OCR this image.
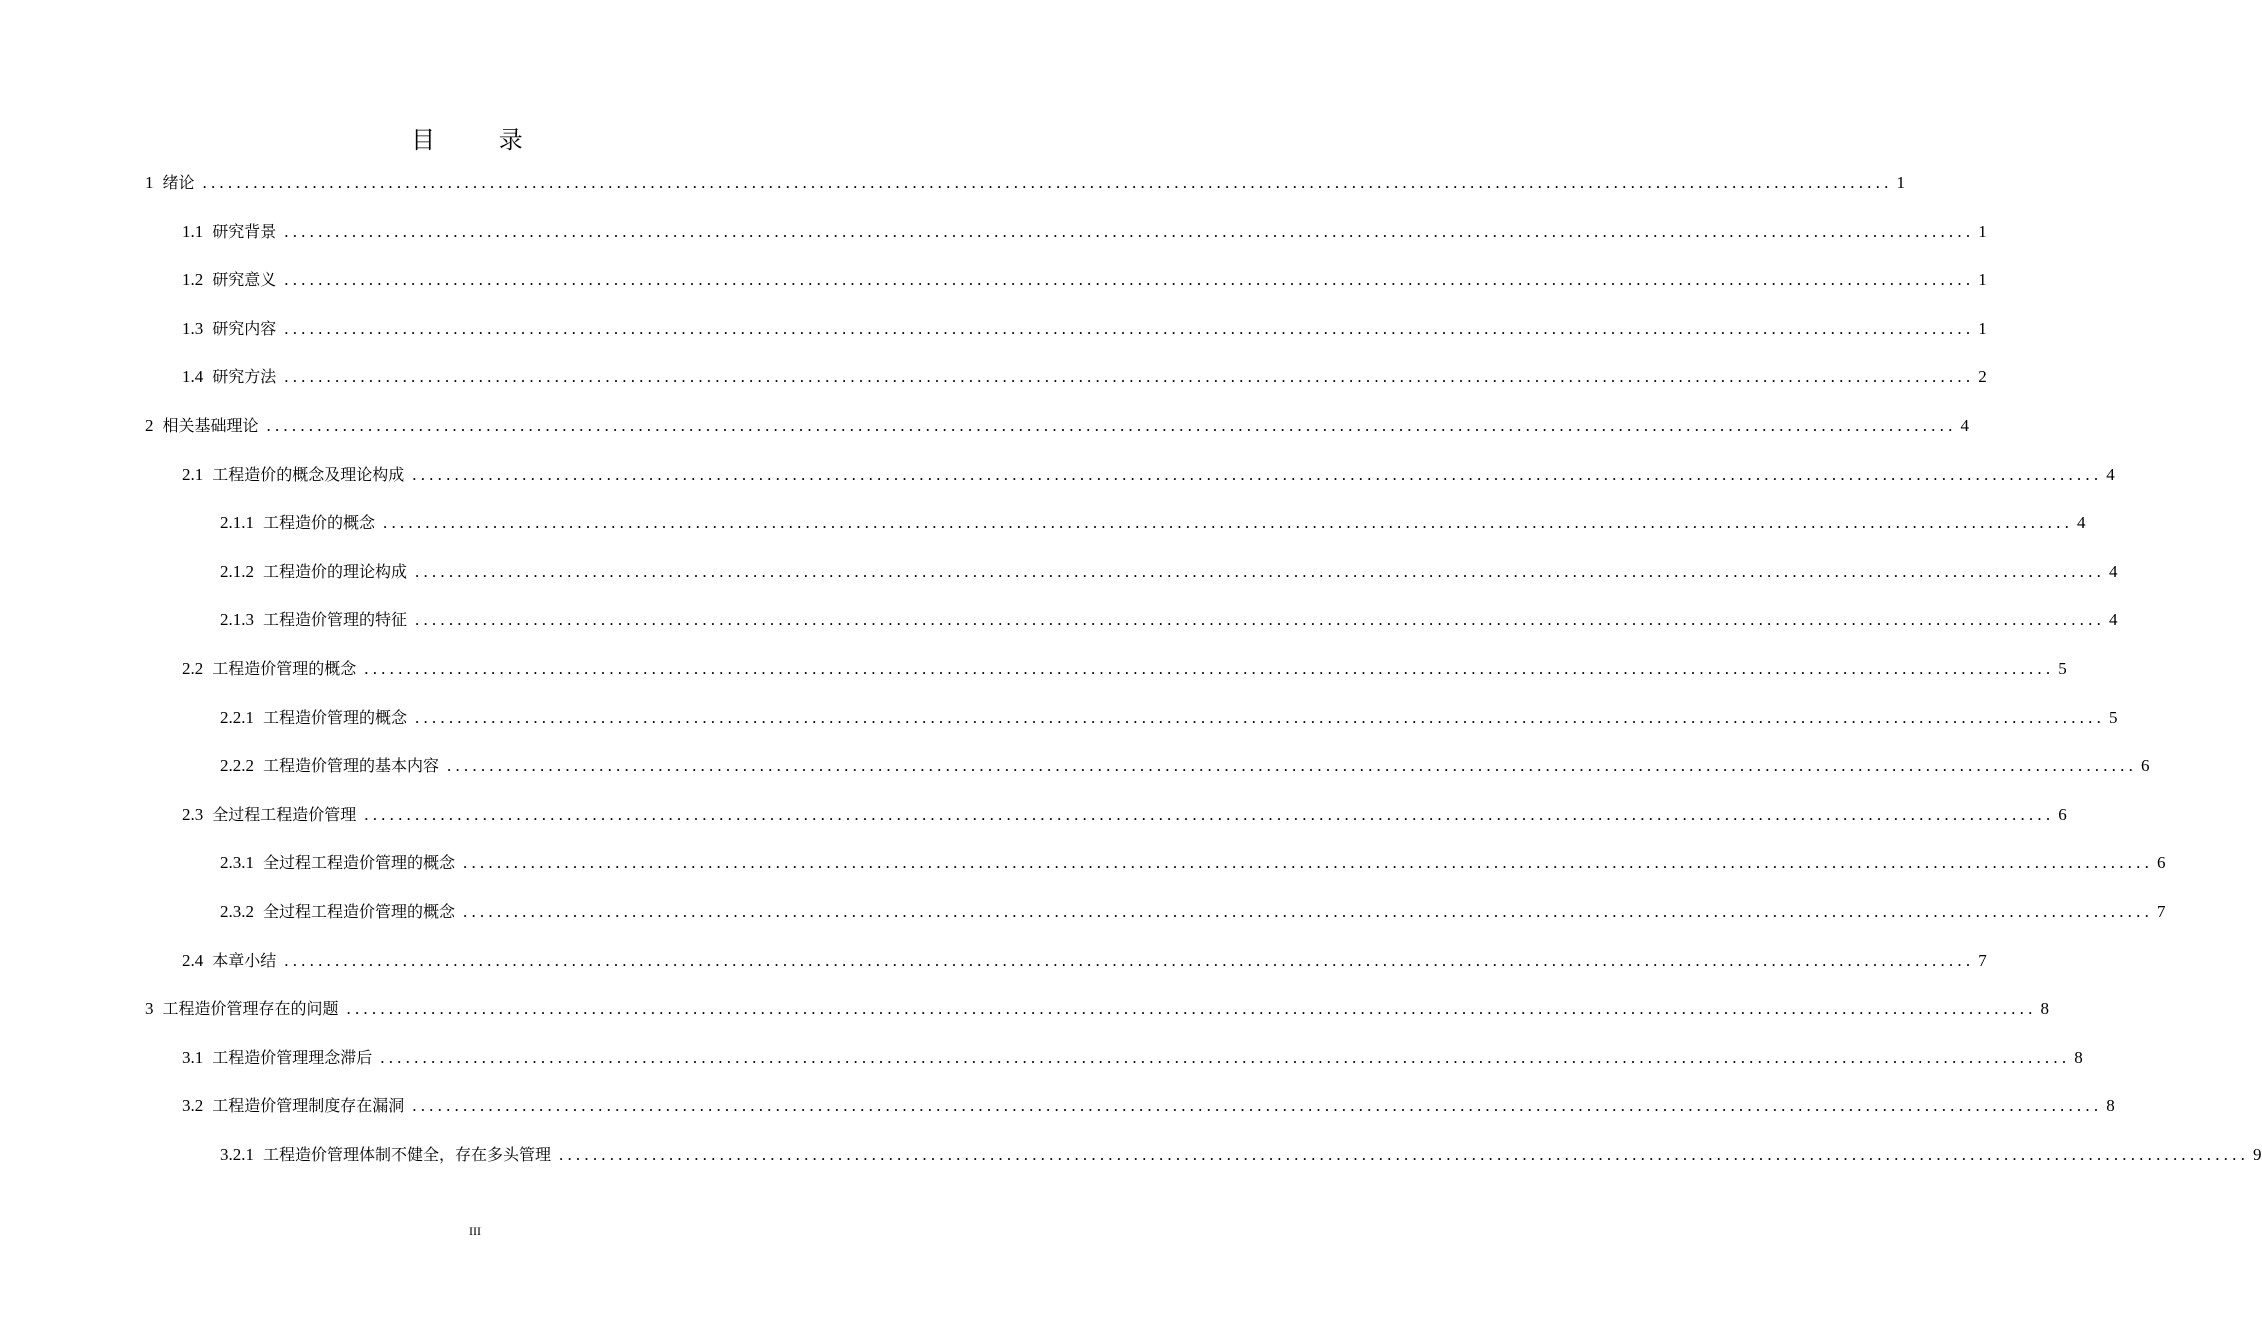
目 录
1 绪论 ........................................................................................................................................................................................................ 1
1.1 研究背景 ........................................................................................................................................................................................................ 1
1.2 研究意义 ........................................................................................................................................................................................................ 1
1.3 研究内容 ........................................................................................................................................................................................................ 1
1.4 研究方法 ........................................................................................................................................................................................................ 2
2 相关基础理论 ........................................................................................................................................................................................................ 4
2.1 工程造价的概念及理论构成 ........................................................................................................................................................................................................ 4
2.1.1 工程造价的概念 ........................................................................................................................................................................................................ 4
2.1.2 工程造价的理论构成 ........................................................................................................................................................................................................ 4
2.1.3 工程造价管理的特征 ........................................................................................................................................................................................................ 4
2.2 工程造价管理的概念 ........................................................................................................................................................................................................ 5
2.2.1 工程造价管理的概念 ........................................................................................................................................................................................................ 5
2.2.2 工程造价管理的基本内容 ........................................................................................................................................................................................................ 6
2.3 全过程工程造价管理 ........................................................................................................................................................................................................ 6
2.3.1 全过程工程造价管理的概念 ........................................................................................................................................................................................................ 6
2.3.2 全过程工程造价管理的概念 ........................................................................................................................................................................................................ 7
2.4 本章小结 ........................................................................................................................................................................................................ 7
3 工程造价管理存在的问题 ........................................................................................................................................................................................................ 8
3.1 工程造价管理理念滞后 ........................................................................................................................................................................................................ 8
3.2 工程造价管理制度存在漏洞 ........................................................................................................................................................................................................ 8
3.2.1 工程造价管理体制不健全，存在多头管理 ........................................................................................................................................................................................................ 9
III
